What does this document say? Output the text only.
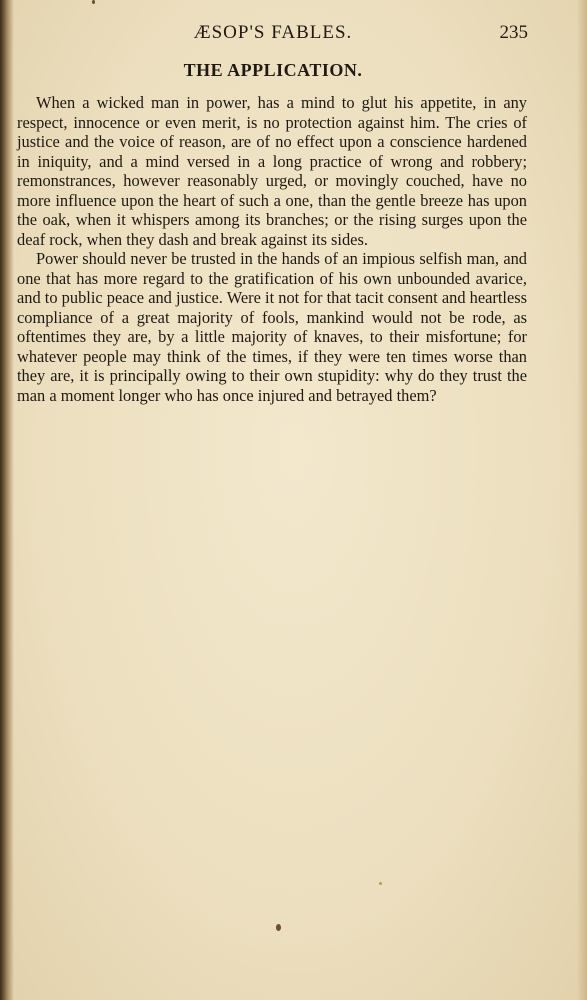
ÆSOP'S FABLES.	235
THE APPLICATION.

When a wicked man in power, has a mind to glut his appetite, in any respect, innocence or even merit, is no protection against him. The cries of justice and the voice of reason, are of no effect upon a conscience hardened in iniquity, and a mind versed in a long practice of wrong and robbery; remonstrances, however reasonably urged, or movingly couched, have no more influence upon the heart of such a one, than the gentle breeze has upon the oak, when it whispers among its branches; or the rising surges upon the deaf rock, when they dash and break against its sides.

Power should never be trusted in the hands of an impious selfish man, and one that has more regard to the gratification of his own unbounded avarice, and to public peace and justice. Were it not for that tacit consent and heartless compliance of a great majority of fools, mankind would not be rode, as oftentimes they are, by a little majority of knaves, to their misfortune; for whatever people may think of the times, if they were ten times worse than they are, it is principally owing to their own stupidity: why do they trust the man a moment longer who has once injured and betrayed them?
